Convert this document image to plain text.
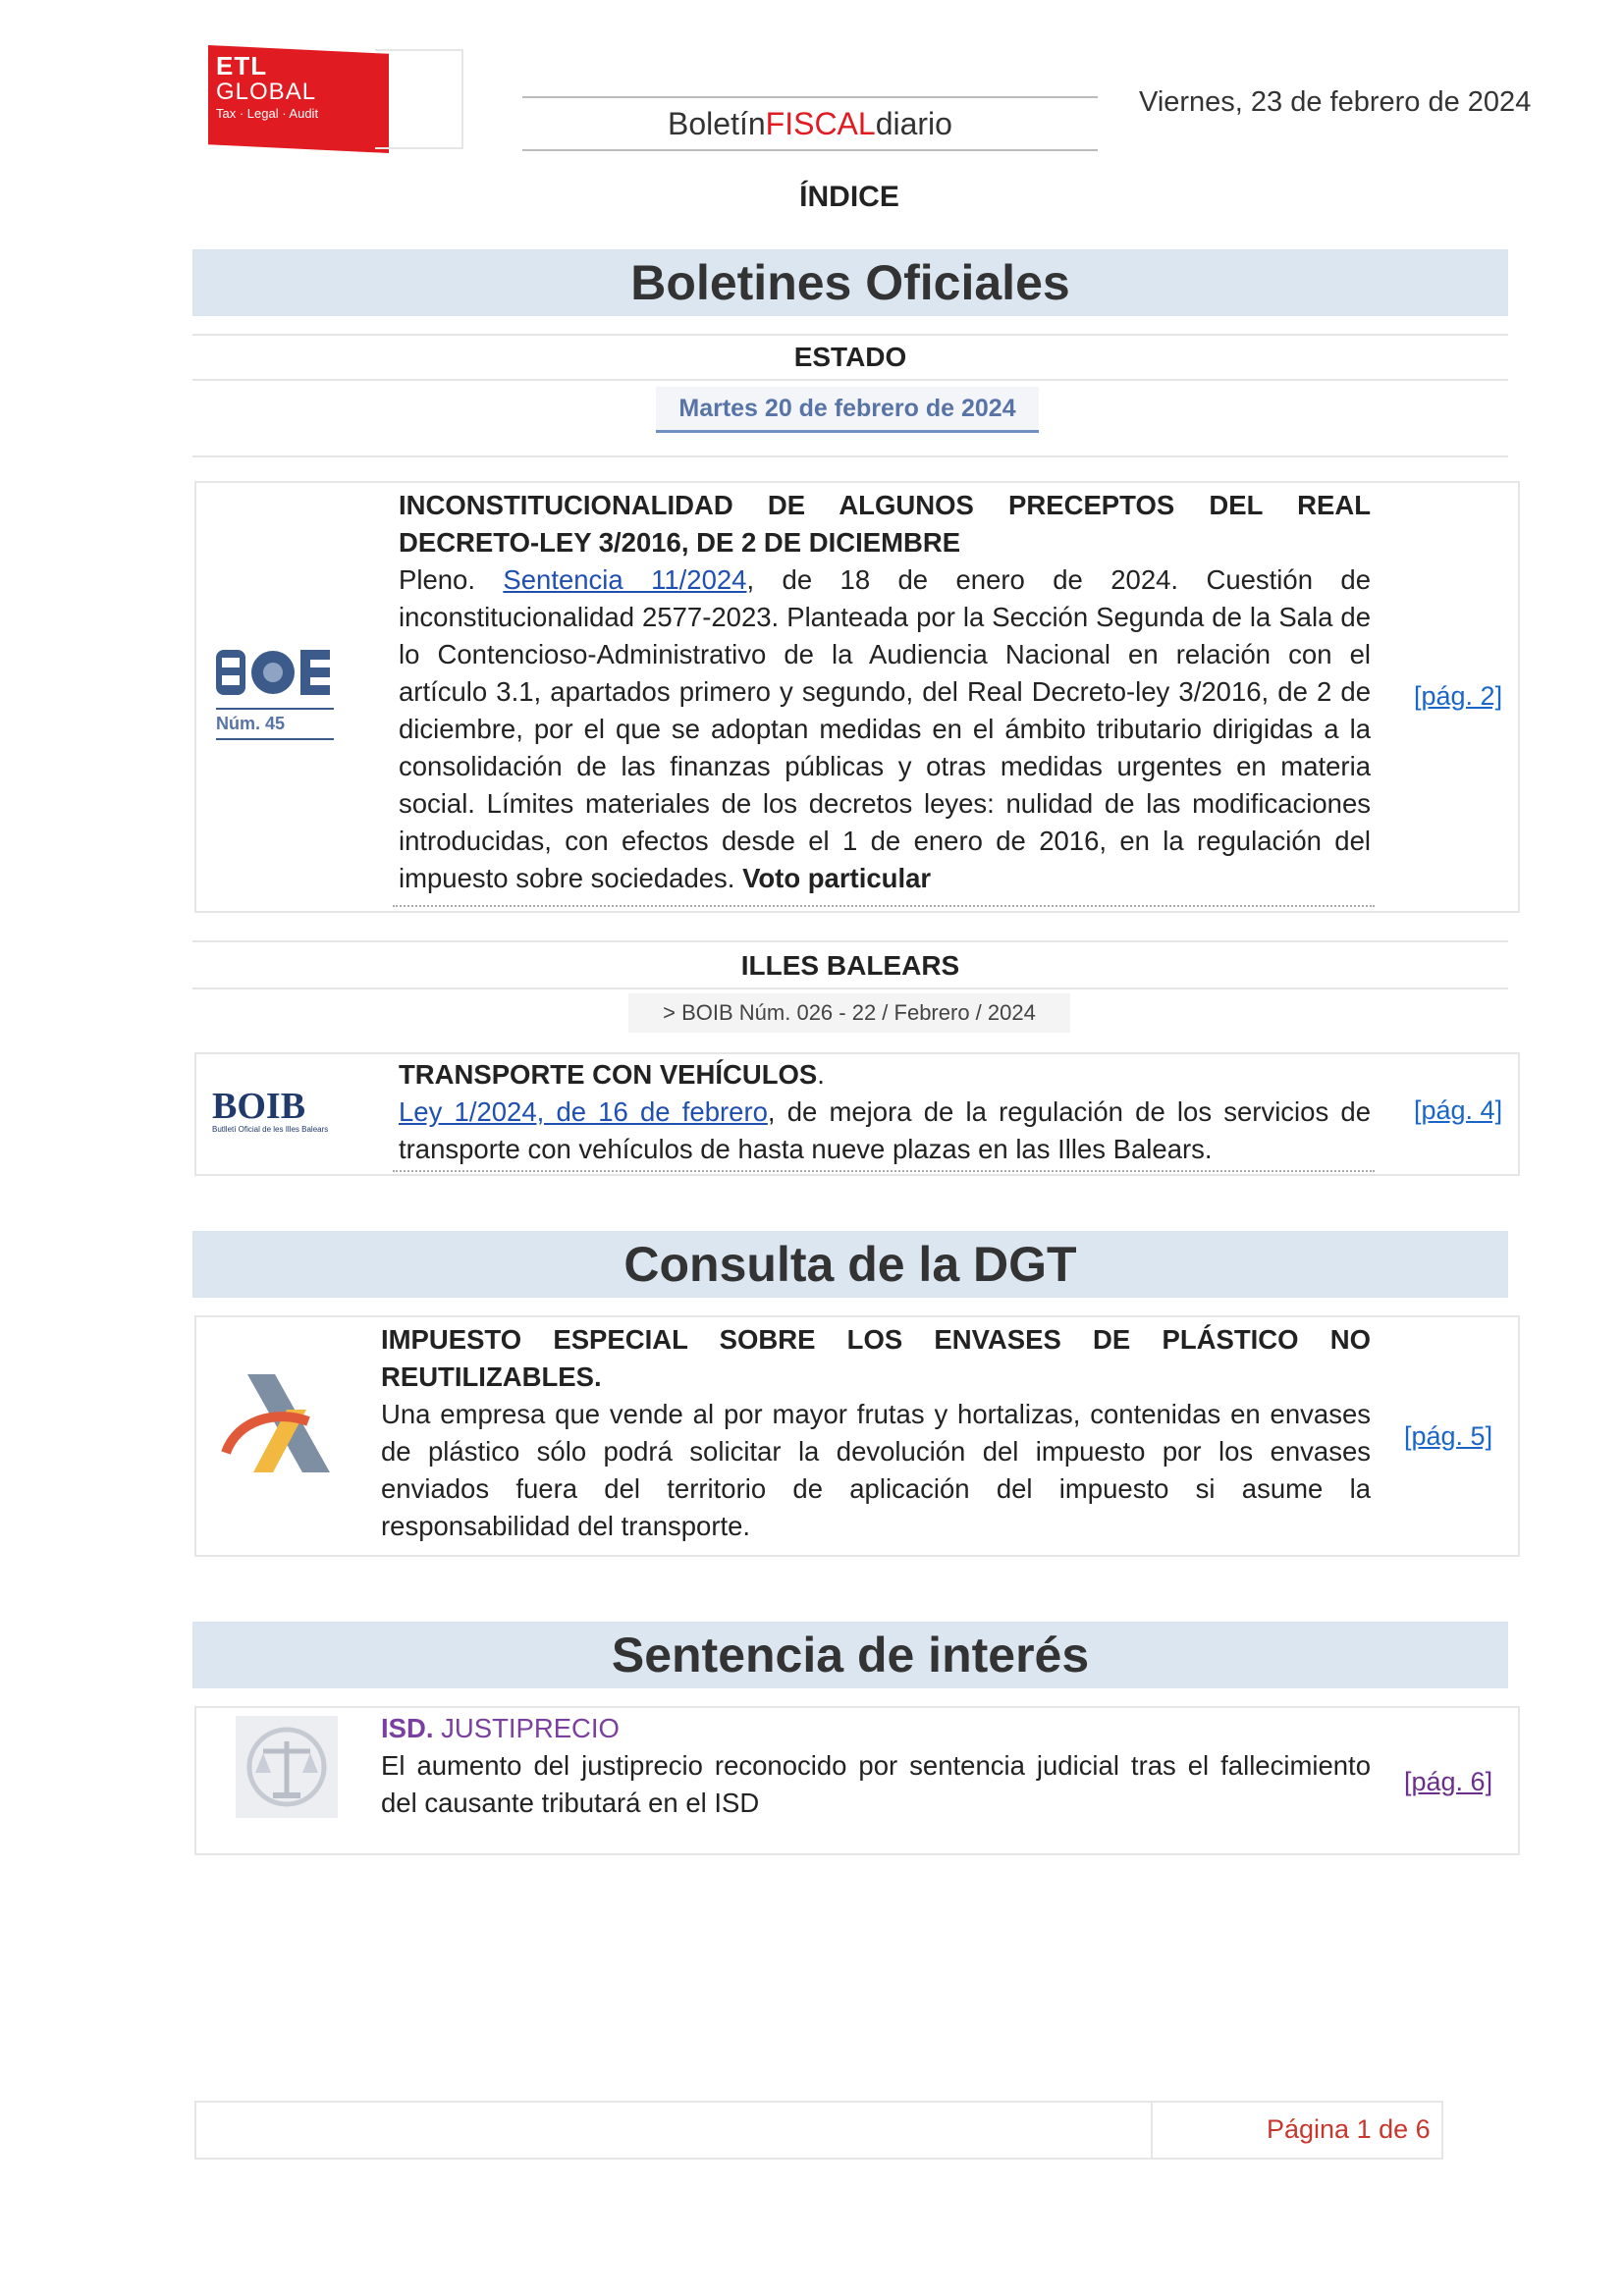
ETL
GLOBAL
Tax · Legal · Audit	Boletín FISCAL diario
Viernes, 23 de febrero de 2024
ÍNDICE
Boletines Oficiales
ESTADO
Martes 20 de febrero de 2024
Núm. 45
INCONSTITUCIONALIDAD DE ALGUNOS PRECEPTOS DEL REAL DECRETO-LEY 3/2016, DE 2 DE DICIEMBRE
Pleno. Sentencia 11/2024, de 18 de enero de 2024. Cuestión de inconstitucionalidad 2577-2023. Planteada por la Sección Segunda de la Sala de lo Contencioso-Administrativo de la Audiencia Nacional en relación con el artículo 3.1, apartados primero y segundo, del Real Decreto-ley 3/2016, de 2 de diciembre, por el que se adoptan medidas en el ámbito tributario dirigidas a la consolidación de las finanzas públicas y otras medidas urgentes en materia social. Límites materiales de los decretos leyes: nulidad de las modificaciones introducidas, con efectos desde el 1 de enero de 2016, en la regulación del impuesto sobre sociedades. Voto particular
[pág. 2]
ILLES BALEARS
> BOIB Núm. 026 - 22 / Febrero / 2024
BOIB
Butlletí Oficial de les Illes Balears
TRANSPORTE CON VEHÍCULOS.
Ley 1/2024, de 16 de febrero, de mejora de la regulación de los servicios de transporte con vehículos de hasta nueve plazas en las Illes Balears.
[pág. 4]
Consulta de la DGT
IMPUESTO ESPECIAL SOBRE LOS ENVASES DE PLÁSTICO NO REUTILIZABLES.
Una empresa que vende al por mayor frutas y hortalizas, contenidas en envases de plástico sólo podrá solicitar la devolución del impuesto por los envases enviados fuera del territorio de aplicación del impuesto si asume la responsabilidad del transporte.
[pág. 5]
Sentencia de interés
ISD. JUSTIPRECIO
El aumento del justiprecio reconocido por sentencia judicial tras el fallecimiento del causante tributará en el ISD
[pág. 6]
Página 1 de 6
